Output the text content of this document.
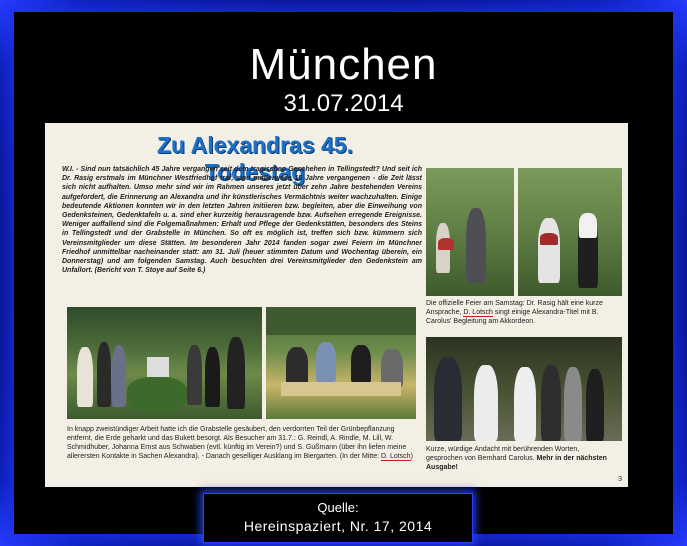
München
31.07.2014
Zu Alexandras 45. Todestag
W.I. - Sind nun tatsächlich 45 Jahre vergangen seit dem tragischen Geschehen in Tellingstedt? Und seit ich Dr. Rasig erstmals im Münchner Westfriedhof traf, sind mittlerweile 15 Jahre vergangenen - die Zeit lässt sich nicht aufhalten. Umso mehr sind wir im Rahmen unseres jetzt über zehn Jahre bestehenden Vereins aufgefordert, die Erinnerung an Alexandra und ihr künstlerisches Vermächtnis weiter wachzuhalten. Einige bedeutende Aktionen konnten wir in den letzten Jahren initiieren bzw. begleiten, aber die Einweihung von Gedenksteinen, Gedenktafeln u. a. sind eher kurzeitig herausragende bzw. Aufsehen erregende Ereignisse. Weniger auffallend sind die Folgemaßnahmen: Erhalt und Pflege der Gedenkstätten, besonders des Steins in Tellingstedt und der Grabstelle in München. So oft es möglich ist, treffen sich bzw. kümmern sich Vereinsmitglieder um diese Stätten. Im besonderen Jahr 2014 fanden sogar zwei Feiern im Münchner Friedhof unmittelbar nacheinander statt: am 31. Juli (heuer stimmten Datum und Wochentag überein, ein Donnerstag) und am folgenden Samstag. Auch besuchten drei Vereinsmitglieder den Gedenkstein am Unfallort. (Bericht von T. Stoye auf Seite 6.)
Die offizielle Feier am Samstag: Dr. Rasig hält eine kurze Ansprache, D. Lotsch singt einige Alexandra-Titel mit B. Carolus' Begleitung am Akkordeon.
In knapp zweistündiger Arbeit hatte ich die Grabstelle gesäubert, den verdorrten Teil der Grünbepflanzung entfernt, die Erde geharkt und das Bukett besorgt. Als Besucher am 31.7.: G. Reindl, A. Rindle, M. Lill, W. Schmidhuber, Johanna Ernst aus Schwaben (evtl. künftig im Verein?) und S. Gußmann (über ihn liefen meine allerersten Kontakte in Sachen Alexandra). - Danach geselliger Ausklang im Biergarten. (In der Mitte: D. Lotsch)
Kurze, würdige Andacht mit berührenden Worten, gesprochen von Bernhard Carolus. Mehr in der nächsten Ausgabe!
3
Quelle:
Hereinspaziert, Nr. 17, 2014
